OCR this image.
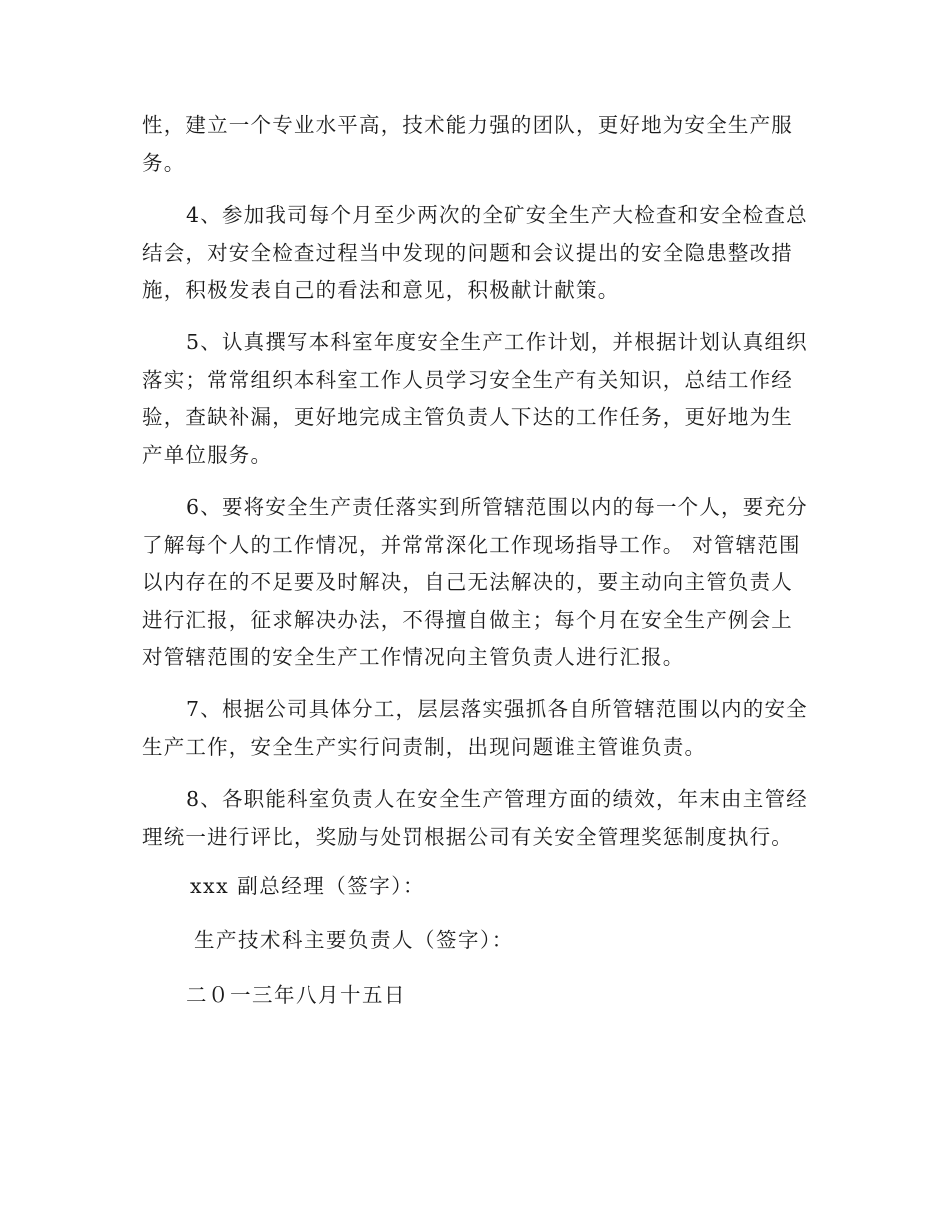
性，建立一个专业水平高，技术能力强的团队，更好地为安全生产服
务。
4、参加我司每个月至少两次的全矿安全生产大检查和安全检查总
结会，对安全检查过程当中发现的问题和会议提出的安全隐患整改措
施，积极发表自己的看法和意见，积极献计献策。
5、认真撰写本科室年度安全生产工作计划，并根据计划认真组织
落实；常常组织本科室工作人员学习安全生产有关知识，总结工作经
验，查缺补漏，更好地完成主管负责人下达的工作任务，更好地为生
产单位服务。
6、要将安全生产责任落实到所管辖范围以内的每一个人，要充分
了解每个人的工作情况，并常常深化工作现场指导工作。 对管辖范围
以内存在的不足要及时解决，自己无法解决的，要主动向主管负责人
进行汇报，征求解决办法，不得擅自做主；每个月在安全生产例会上
对管辖范围的安全生产工作情况向主管负责人进行汇报。
7、根据公司具体分工，层层落实强抓各自所管辖范围以内的安全
生产工作，安全生产实行问责制，出现问题谁主管谁负责。
8、各职能科室负责人在安全生产管理方面的绩效，年末由主管经
理统一进行评比，奖励与处罚根据公司有关安全管理奖惩制度执行。
xxx 副总经理（签字）：
生产技术科主要负责人（签字）：
二０一三年八月十五日
